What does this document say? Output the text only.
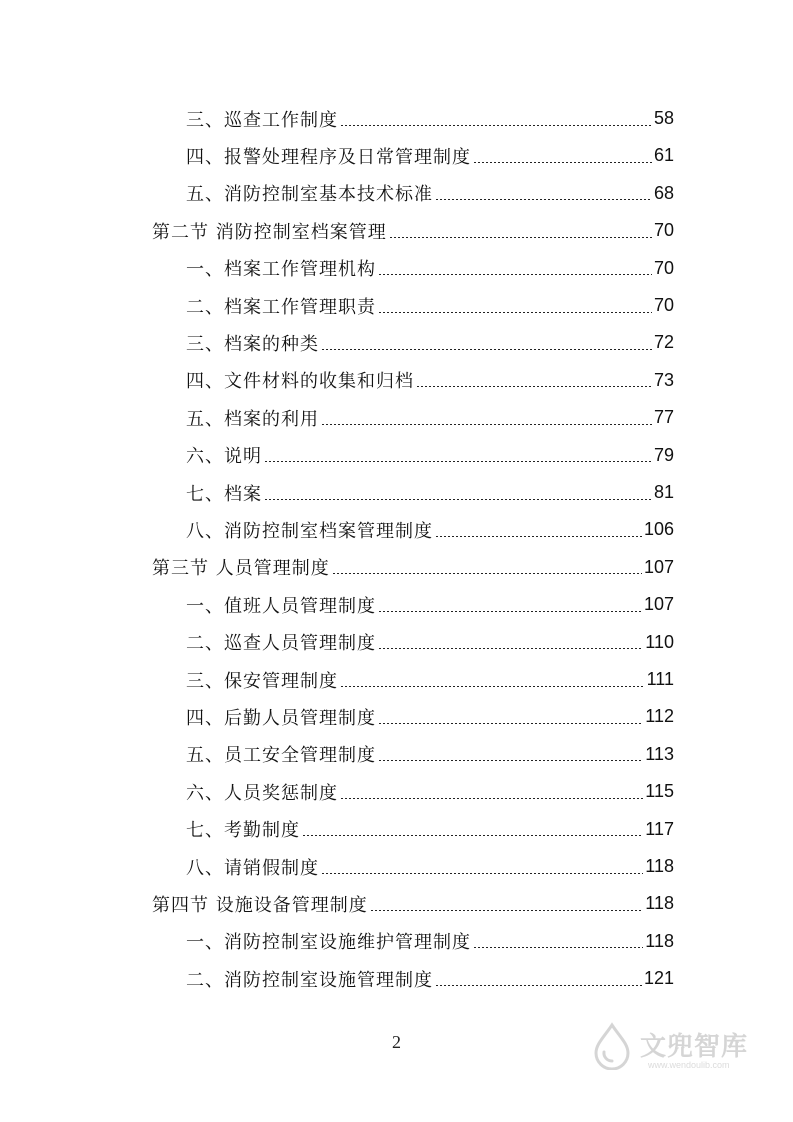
三、巡查工作制度	58
四、报警处理程序及日常管理制度	61
五、消防控制室基本技术标准	68
第二节 消防控制室档案管理	70
一、档案工作管理机构	70
二、档案工作管理职责	70
三、档案的种类	72
四、文件材料的收集和归档	73
五、档案的利用	77
六、说明	79
七、档案	81
八、消防控制室档案管理制度	106
第三节 人员管理制度	107
一、值班人员管理制度	107
二、巡查人员管理制度	110
三、保安管理制度	111
四、后勤人员管理制度	112
五、员工安全管理制度	113
六、人员奖惩制度	115
七、考勤制度	117
八、请销假制度	118
第四节 设施设备管理制度	118
一、消防控制室设施维护管理制度	118
二、消防控制室设施管理制度	121
2	文兜智库
www.wendoulib.com
